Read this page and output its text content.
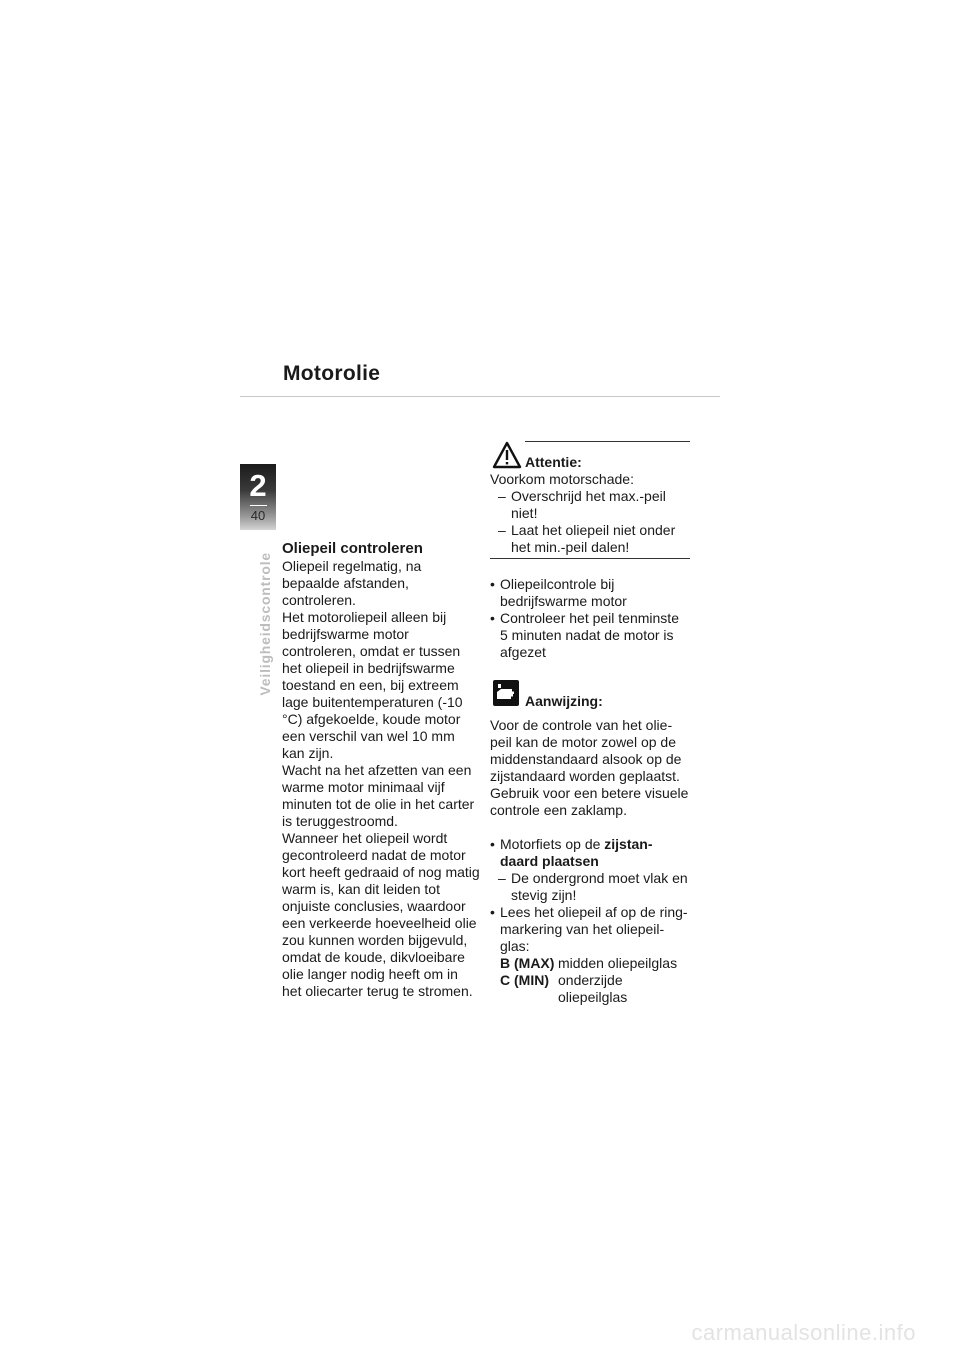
Motorolie
2
40
Veiligheidscontrole
Oliepeil controleren

Oliepeil regelmatig, na bepaalde afstanden, controleren.

Het motoroliepeil alleen bij bedrijfswarme motor controleren, omdat er tussen het oliepeil in bedrijfswarme toestand en een, bij extreem lage buitentemperaturen (-10 °C) afgekoelde, koude motor een verschil van wel 10 mm kan zijn.

Wacht na het afzetten van een warme motor minimaal vijf minuten tot de olie in het carter is teruggestroomd.

Wanneer het oliepeil wordt gecontroleerd nadat de motor kort heeft gedraaid of nog matig warm is, kan dit leiden tot onjuiste conclusies, waardoor een verkeerde hoeveelheid olie zou kunnen worden bijgevuld, omdat de koude, dikvloeibare olie langer nodig heeft om in het oliecarter terug te stromen.

Attentie:
Voorkom motorschade:
– Overschrijd het max.-peil niet!
– Laat het oliepeil niet onder het min.-peil dalen!
• Oliepeilcontrole bij bedrijfswarme motor
• Controleer het peil tenminste 5 minuten nadat de motor is afgezet
Aanwijzing:

Voor de controle van het olie-peil kan de motor zowel op de middenstandaard alsook op de zijstandaard worden geplaatst. Gebruik voor een betere visuele controle een zaklamp.

• Motorfiets op de zijstan-daard plaatsen
– De ondergrond moet vlak en stevig zijn!
• Lees het oliepeil af op de ring-markering van het oliepeil-glas:
B (MAX) midden oliepeilglas
C (MIN) onderzijde oliepeilglas
carmanualsonline.info
